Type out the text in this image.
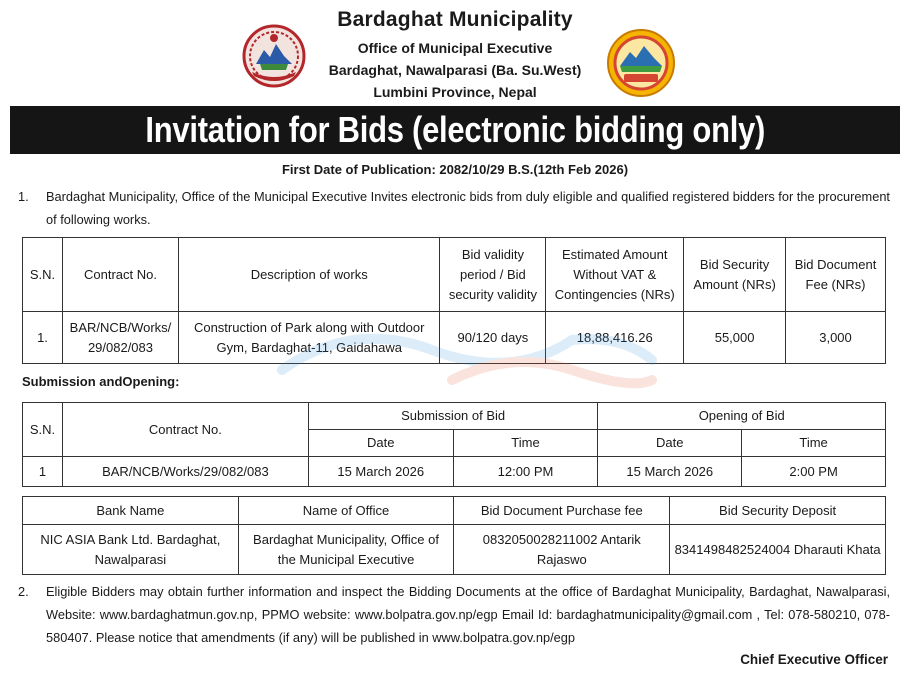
Bardaghat Municipality
Office of Municipal Executive
Bardaghat, Nawalparasi (Ba. Su.West)
Lumbini Province, Nepal
Invitation for Bids (electronic bidding only)
First Date of Publication: 2082/10/29 B.S.(12th Feb 2026)
1. Bardaghat Municipality, Office of the Municipal Executive Invites electronic bids from duly eligible and qualified registered bidders for the procurement of following works.
S.N.	Contract No.	Description of works	Bid validity period / Bid security validity	Estimated Amount Without VAT & Contingencies (NRs)	Bid Security Amount (NRs)	Bid Document Fee (NRs)
1.	BAR/NCB/Works/ 29/082/083	Construction of Park along with Outdoor Gym, Bardaghat-11, Gaidahawa	90/120 days	18,88,416.26	55,000	3,000
Submission andOpening:
S.N.	Contract No.	Submission of Bid		Opening of Bid	
		Date	Time	Date	Time
1	BAR/NCB/Works/29/082/083	15 March 2026	12:00 PM	15 March 2026	2:00 PM
Bank Name	Name of Office	Bid Document Purchase fee	Bid Security Deposit
NIC ASIA Bank Ltd. Bardaghat, Nawalparasi	Bardaghat Municipality, Office of the Municipal Executive	0832050028211002 Antarik Rajaswo	8341498482524004 Dharauti Khata
2. Eligible Bidders may obtain further information and inspect the Bidding Documents at the office of Bardaghat Municipality, Bardaghat, Nawalparasi, Website: www.bardaghatmun.gov.np, PPMO website: www.bolpatra.gov.np/egp Email Id: bardaghatmunicipality@gmail.com , Tel: 078-580210, 078-580407. Please notice that amendments (if any) will be published in www.bolpatra.gov.np/egp
Chief Executive Officer
